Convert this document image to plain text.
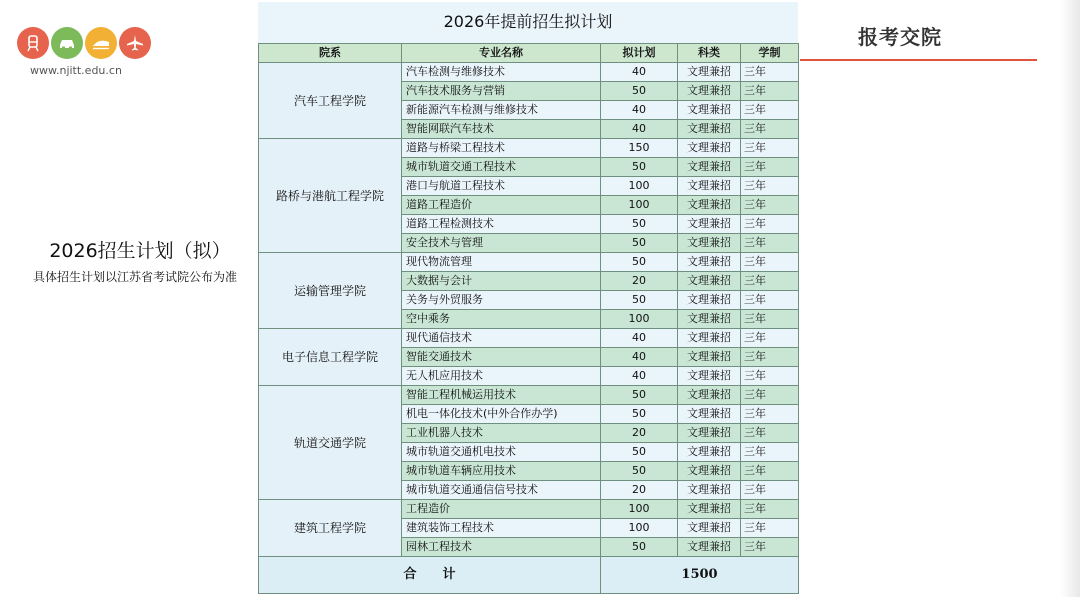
www.njitt.edu.cn
2026招生计划（拟）
具体招生计划以江苏省考试院公布为准
报考交院
2026年提前招生拟计划
院系	专业名称	拟计划	科类	学制
汽车工程学院	汽车检测与维修技术	40	文理兼招	三年
	汽车技术服务与营销	50	文理兼招	三年
	新能源汽车检测与维修技术	40	文理兼招	三年
	智能网联汽车技术	40	文理兼招	三年
路桥与港航工程学院	道路与桥梁工程技术	150	文理兼招	三年
	城市轨道交通工程技术	50	文理兼招	三年
	港口与航道工程技术	100	文理兼招	三年
	道路工程造价	100	文理兼招	三年
	道路工程检测技术	50	文理兼招	三年
	安全技术与管理	50	文理兼招	三年
运输管理学院	现代物流管理	50	文理兼招	三年
	大数据与会计	20	文理兼招	三年
	关务与外贸服务	50	文理兼招	三年
	空中乘务	100	文理兼招	三年
电子信息工程学院	现代通信技术	40	文理兼招	三年
	智能交通技术	40	文理兼招	三年
	无人机应用技术	40	文理兼招	三年
轨道交通学院	智能工程机械运用技术	50	文理兼招	三年
	机电一体化技术(中外合作办学)	50	文理兼招	三年
	工业机器人技术	20	文理兼招	三年
	城市轨道交通机电技术	50	文理兼招	三年
	城市轨道车辆应用技术	50	文理兼招	三年
	城市轨道交通通信信号技术	20	文理兼招	三年
建筑工程学院	工程造价	100	文理兼招	三年
	建筑装饰工程技术	100	文理兼招	三年
	园林工程技术	50	文理兼招	三年
合　　计		1500		
